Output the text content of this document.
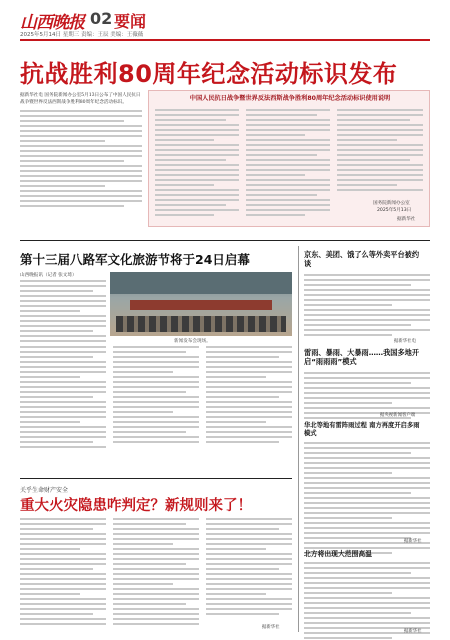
山西晚报 02 要闻
2025年5月14日 星期三 责编：王辰 美编：王薇薇
抗战胜利80周年纪念活动标识发布
据新华社电 国务院新闻办公室5月13日公布了中国人民抗日战争暨世界反法西斯战争胜利80周年纪念活动标识。
中国人民抗日战争暨世界反法西斯战争胜利80周年纪念活动标识使用说明
国务院新闻办公室
2025年5月13日
据新华社
第十三届八路军文化旅游节将于24日启幕
山西晚报讯（记者 张文琦）
新闻发布会现场。
京东、美团、饿了么等外卖平台被约谈
据新华社电
雷雨、暴雨、大暴雨……我国多地开启“雨雨雨”模式
据央视新闻客户端
华北等地有雷阵雨过程 南方再度开启多雨模式
据新华社
北方将出现大范围高温
据新华社
关乎生命财产安全
重大火灾隐患咋判定？新规则来了！
据新华社
